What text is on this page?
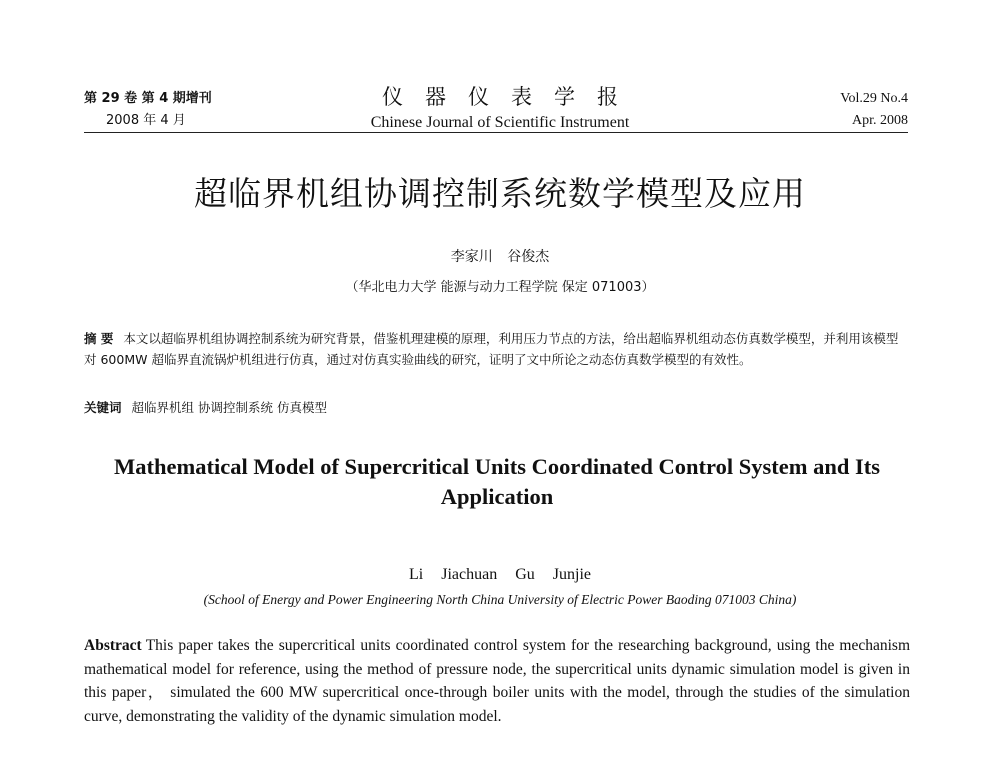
第 29 卷 第 4 期增刊
2008 年 4 月
仪器仪表学报
Chinese Journal of Scientific Instrument
Vol.29 No.4
Apr. 2008
超临界机组协调控制系统数学模型及应用
李家川 谷俊杰
（华北电力大学 能源与动力工程学院 保定 071003）
摘 要 本文以超临界机组协调控制系统为研究背景，借鉴机理建模的原理，利用压力节点的方法，给出超临界机组动态仿真数学模型，并利用该模型对 600MW 超临界直流锅炉机组进行仿真，通过对仿真实验曲线的研究，证明了文中所论之动态仿真数学模型的有效性。
关键词 超临界机组 协调控制系统 仿真模型
Mathematical Model of Supercritical Units Coordinated Control System and Its Application
Li Jiachuan Gu Junjie
(School of Energy and Power Engineering North China University of Electric Power Baoding 071003 China)
Abstract This paper takes the supercritical units coordinated control system for the researching background, using the mechanism mathematical model for reference, using the method of pressure node, the supercritical units dynamic simulation model is given in this paper， simulated the 600 MW supercritical once-through boiler units with the model, through the studies of the simulation curve, demonstrating the validity of the dynamic simulation model.
